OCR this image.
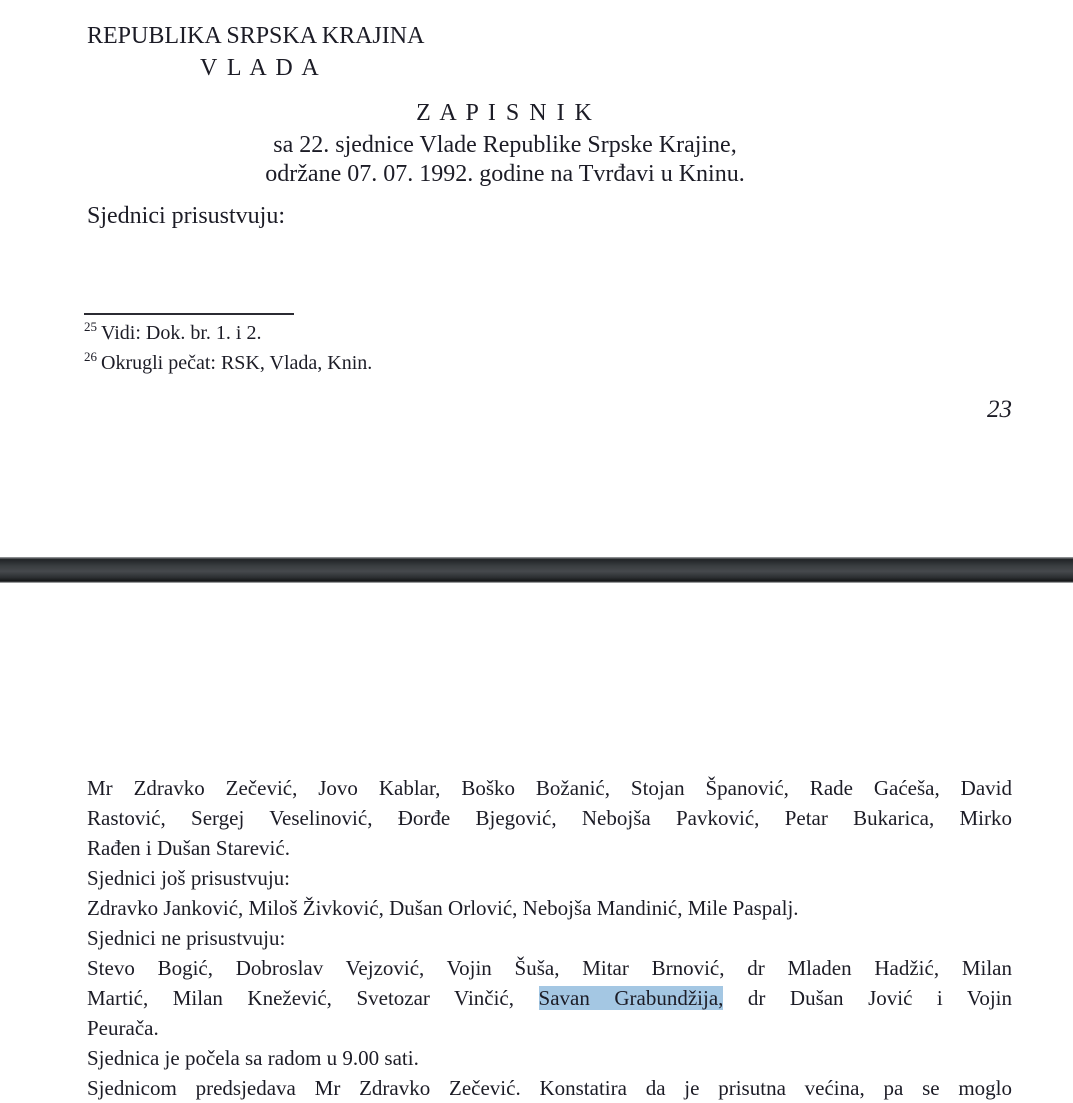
REPUBLIKA SRPSKA KRAJINA
V L A D A
Z A P I S N I K
sa 22. sjednice Vlade Republike Srpske Krajine,
održane 07. 07. 1992. godine na Tvrđavi u Kninu.
Sjednici prisustvuju:
$^{25}$ Vidi: Dok. br. 1. i 2.
$^{26}$ Okrugli pečat: RSK, Vlada, Knin.
23
Mr Zdravko Zečević, Jovo Kablar, Boško Božanić, Stojan Španović, Rade Gaćeša, David
Rastović, Sergej Veselinović, Đorđe Bjegović, Nebojša Pavković, Petar Bukarica, Mirko
Rađen i Dušan Starević.
Sjednici još prisustvuju:
Zdravko Janković, Miloš Živković, Dušan Orlović, Nebojša Mandinić, Mile Paspalj.
Sjednici ne prisustvuju:
Stevo Bogić, Dobroslav Vejzović, Vojin Šuša, Mitar Brnović, dr Mladen Hadžić, Milan
Martić, Milan Knežević, Svetozar Vinčić, Savan Grabundžija, dr Dušan Jović i Vojin
Peurača.
Sjednica je počela sa radom u 9.00 sati.
Sjednicom predsjedava Mr Zdravko Zečević. Konstatira da je prisutna većina, pa se moglo
